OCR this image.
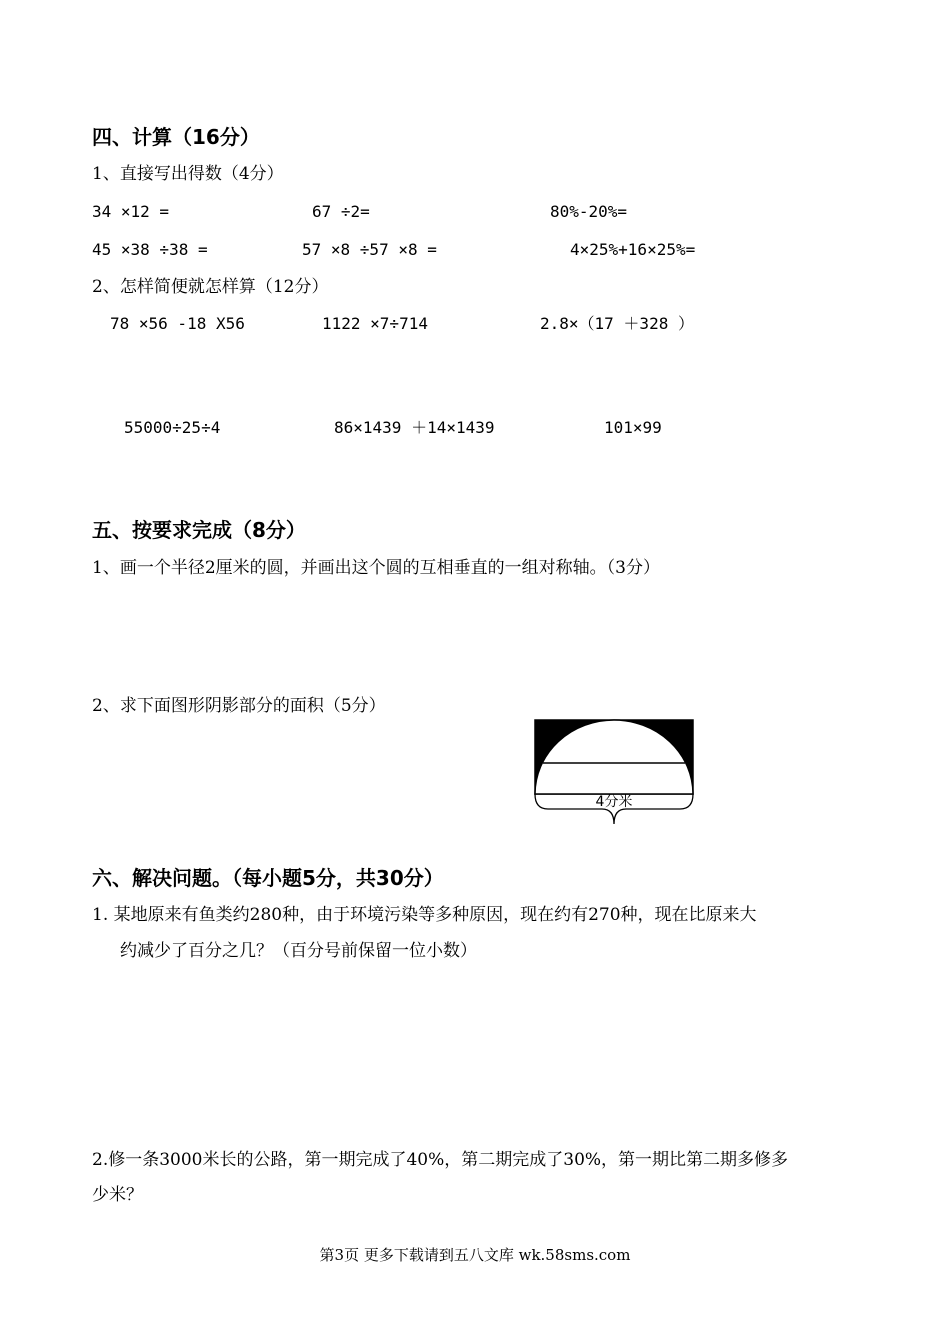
四、计算（16分）
1、直接写出得数（4分）
34 ×12 =	67 ÷2=	80%-20%=
45 ×38 ÷38 =	57 ×8 ÷57 ×8 =	4×25%+16×25%=
2、怎样简便就怎样算（12分）
78 ×56 -18 X56	1122 ×7÷714	2.8×（17 ＋328 ）
55000÷25÷4	86×1439 ＋14×1439	101×99
五、按要求完成（8分）
1、画一个半径2厘米的圆，并画出这个圆的互相垂直的一组对称轴。（3分）
2、求下面图形阴影部分的面积（5分）
4分米
六、解决问题。（每小题5分，共30分）
1. 某地原来有鱼类约280种，由于环境污染等多种原因，现在约有270种，现在比原来大
约减少了百分之几？（百分号前保留一位小数）
2.修一条3000米长的公路，第一期完成了40%，第二期完成了30%，第一期比第二期多修多
少米？
第3页 更多下载请到五八文库 wk.58sms.com
